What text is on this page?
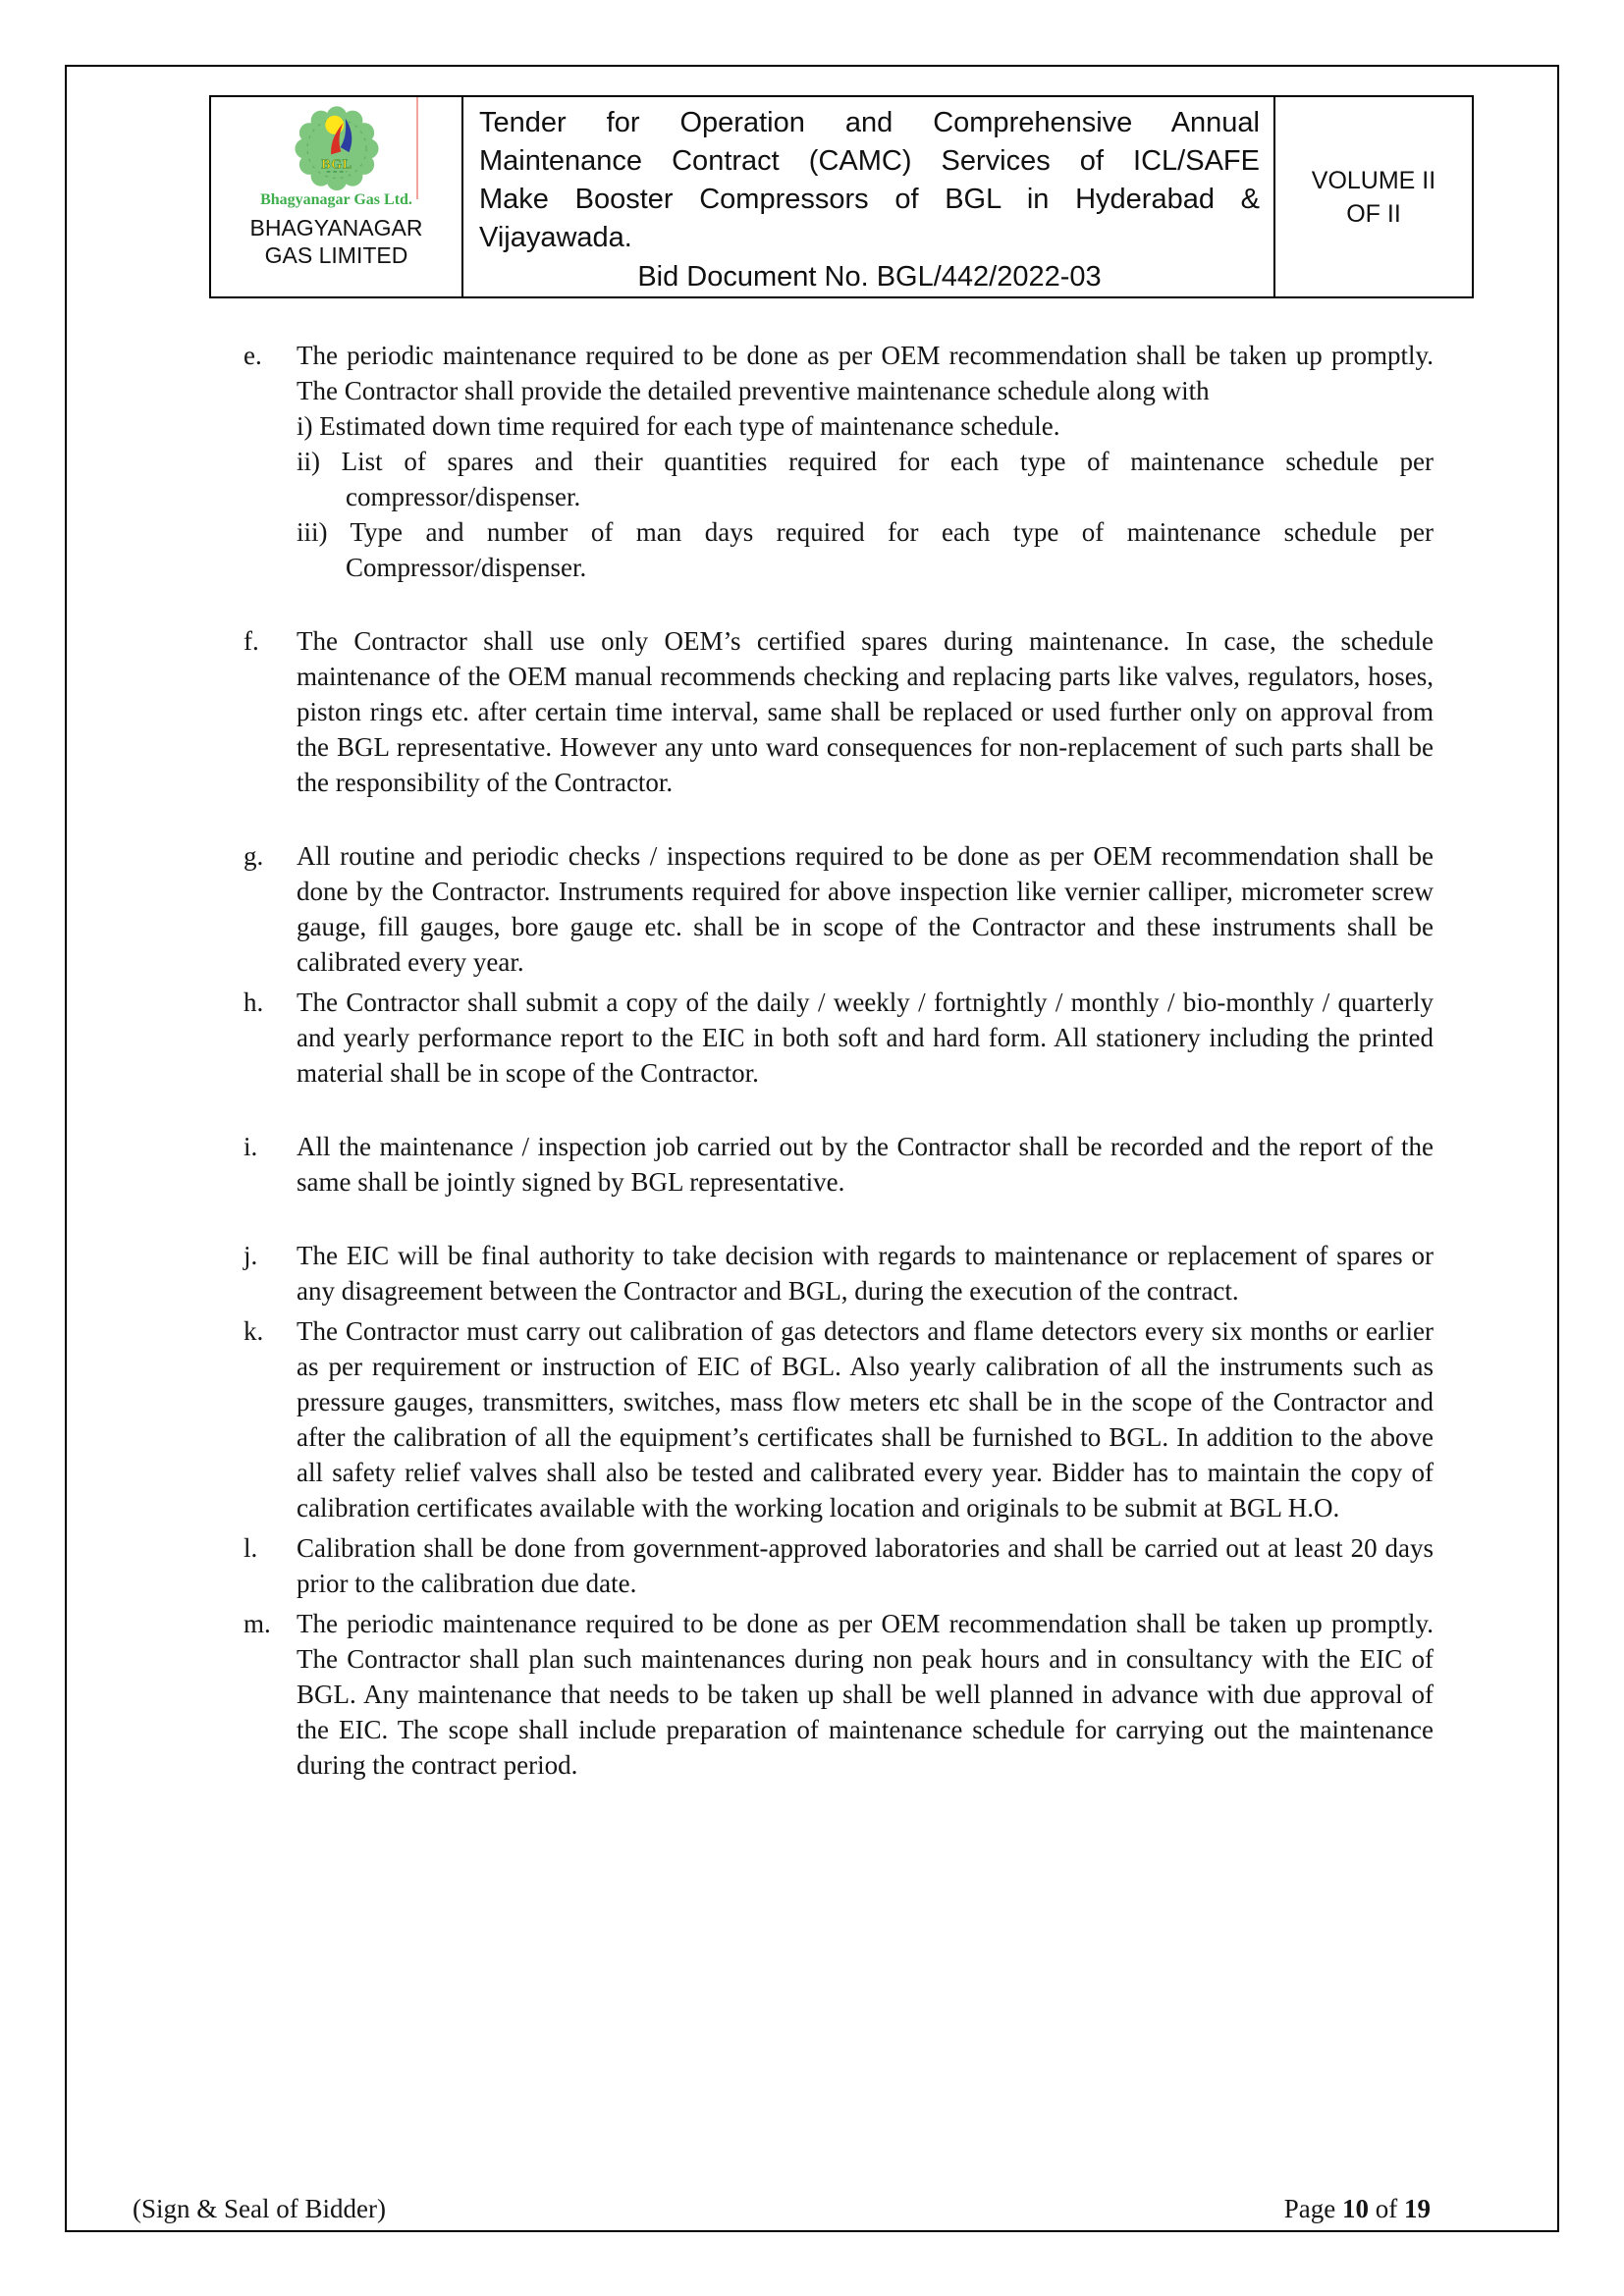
BGL
Bhagyanagar Gas Ltd.
BHAGYANAGAR GAS LIMITED
Tender for Operation and Comprehensive Annual
Maintenance Contract (CAMC) Services of ICL/SAFE
Make Booster Compressors of BGL in Hyderabad &
Vijayawada.
Bid Document No. BGL/442/2022-03
VOLUME II
OF II
e.	The periodic maintenance required to be done as per OEM recommendation shall be taken up promptly. The Contractor shall provide the detailed preventive maintenance schedule along with

i) Estimated down time required for each type of maintenance schedule.
ii) List of spares and their quantities required for each type of maintenance schedule per compressor/dispenser.
iii) Type and number of man days required for each type of maintenance schedule per Compressor/dispenser.
f.	The Contractor shall use only OEM’s certified spares during maintenance. In case, the schedule maintenance of the OEM manual recommends checking and replacing parts like valves, regulators, hoses, piston rings etc. after certain time interval, same shall be replaced or used further only on approval from the BGL representative. However any unto ward consequences for non-replacement of such parts shall be the responsibility of the Contractor.

g.	All routine and periodic checks / inspections required to be done as per OEM recommendation shall be done by the Contractor. Instruments required for above inspection like vernier calliper, micrometer screw gauge, fill gauges, bore gauge etc. shall be in scope of the Contractor and these instruments shall be calibrated every year.

h.	The Contractor shall submit a copy of the daily / weekly / fortnightly / monthly / bio-monthly / quarterly and yearly performance report to the EIC in both soft and hard form. All stationery including the printed material shall be in scope of the Contractor.

i.	All the maintenance / inspection job carried out by the Contractor shall be recorded and the report of the same shall be jointly signed by BGL representative.

j.	The EIC will be final authority to take decision with regards to maintenance or replacement of spares or any disagreement between the Contractor and BGL, during the execution of the contract.

k.	The Contractor must carry out calibration of gas detectors and flame detectors every six months or earlier as per requirement or instruction of EIC of BGL. Also yearly calibration of all the instruments such as pressure gauges, transmitters, switches, mass flow meters etc shall be in the scope of the Contractor and after the calibration of all the equipment’s certificates shall be furnished to BGL. In addition to the above all safety relief valves shall also be tested and calibrated every year. Bidder has to maintain the copy of calibration certificates available with the working location and originals to be submit at BGL H.O.

l.	Calibration shall be done from government-approved laboratories and shall be carried out at least 20 days prior to the calibration due date.

m. The periodic maintenance required to be done as per OEM recommendation shall be taken up promptly. The Contractor shall plan such maintenances during non peak hours and in consultancy with the EIC of BGL. Any maintenance that needs to be taken up shall be well planned in advance with due approval of the EIC. The scope shall include preparation of maintenance schedule for carrying out the maintenance during the contract period.

(Sign & Seal of Bidder)	Page 10 of 19
